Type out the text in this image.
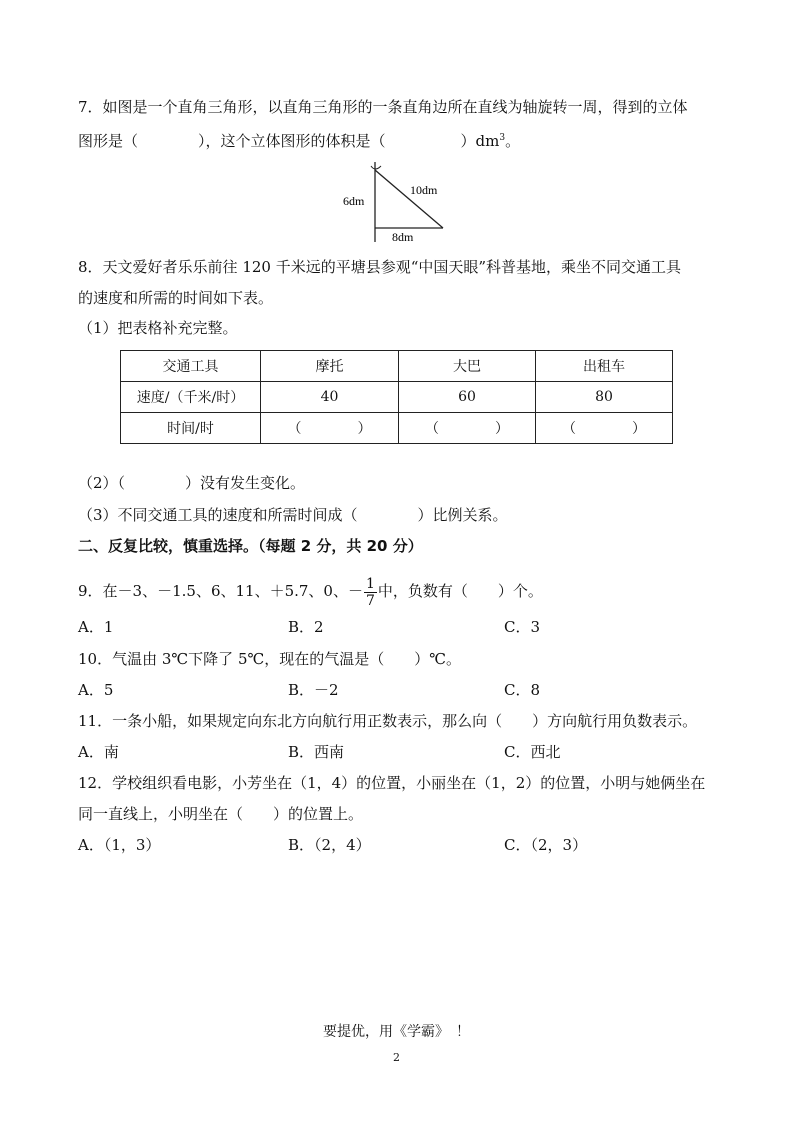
7．如图是一个直角三角形，以直角三角形的一条直角边所在直线为轴旋转一周，得到的立体
图形是（　　　　），这个立体图形的体积是（　　　　　）$dm^3$。
6dm
10dm
8dm
8．天文爱好者乐乐前往 120 千米远的平塘县参观“中国天眼”科普基地，乘坐不同交通工具
的速度和所需的时间如下表。
（1）把表格补充完整。
交通工具	摩托	大巴	出租车
速度/（千米/时）	40	60	80
时间/时	（　　　　）	（　　　　）	（　　　　）
（2）（　　　　）没有发生变化。
（3）不同交通工具的速度和所需时间成（　　　　）比例关系。
二、反复比较，慎重选择。（每题 2 分，共 20 分）
9．在－3、－1.5、6、11、＋5.7、0、－ $\frac{1}{7}$ 中，负数有（　　）个。
A．1	B．2	C．3
10．气温由 3℃下降了 5℃，现在的气温是（　　）℃。
A．5	B．－2	C．8
11．一条小船，如果规定向东北方向航行用正数表示，那么向（　　）方向航行用负数表示。
A．南	B．西南	C．西北
12．学校组织看电影，小芳坐在（1，4）的位置，小丽坐在（1，2）的位置，小明与她俩坐在
同一直线上，小明坐在（　　）的位置上。
A．（1，3）	B．（2，4）	C．（2，3）
要提优，用《学霸》　！
2
